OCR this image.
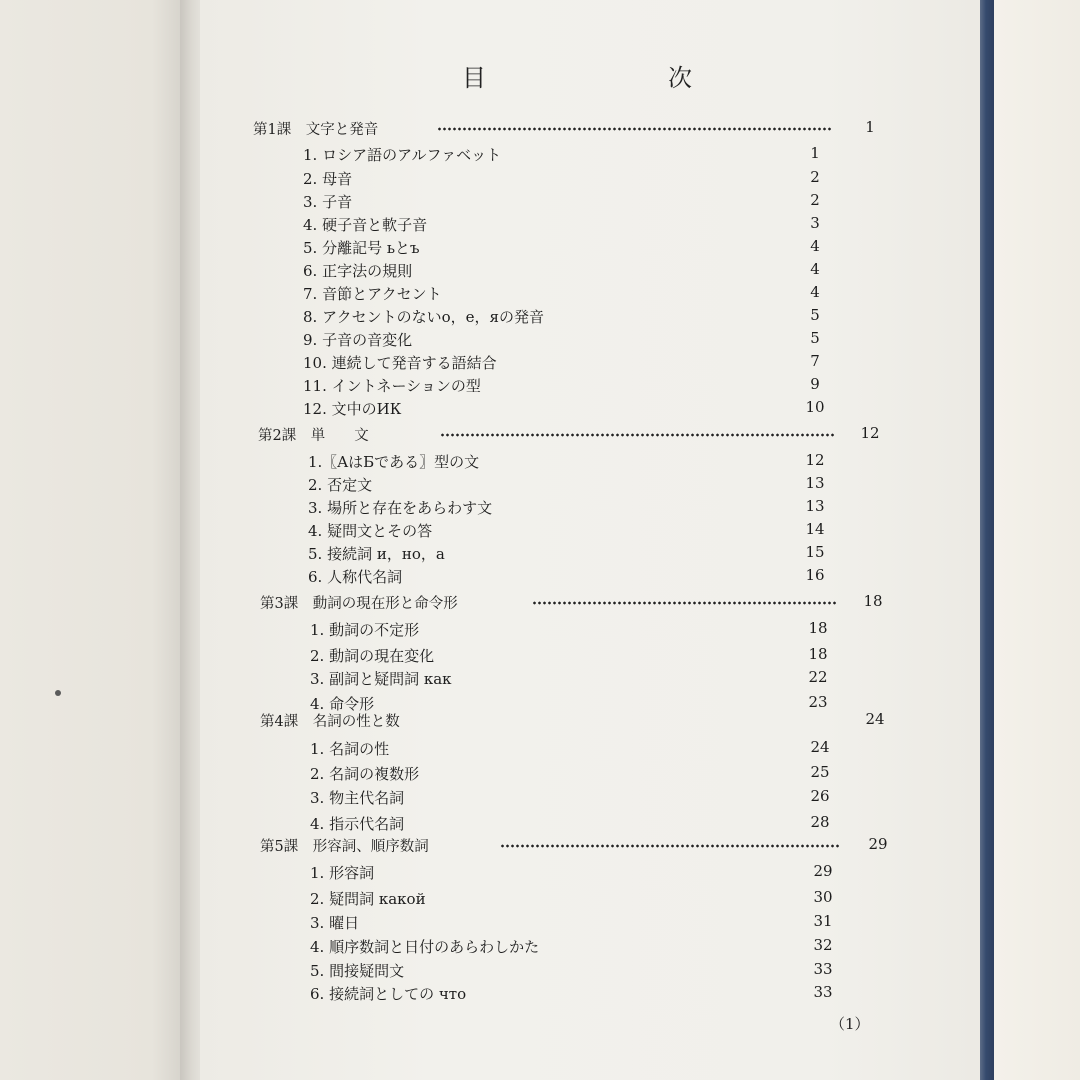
目	次
第1課　文字と発音	1
1. ロシア語のアルファベット	1
2. 母音	2
3. 子音	2
4. 硬子音と軟子音	3
5. 分離記号 ьとъ	4
6. 正字法の規則	4
7. 音節とアクセント	4
8. アクセントのないо，е，яの発音	5
9. 子音の音変化	5
10. 連続して発音する語結合	7
11. イントネーションの型	9
12. 文中のИК	10
第2課　単　　文	12
1.〖AはБである〗型の文	12
2. 否定文	13
3. 場所と存在をあらわす文	13
4. 疑問文とその答	14
5. 接続詞 и，но，а	15
6. 人称代名詞	16
第3課　動詞の現在形と命令形	18
1. 動詞の不定形	18
2. 動詞の現在変化	18
3. 副詞と疑問詞 как	22
4. 命令形	23
第4課　名詞の性と数	24
1. 名詞の性	24
2. 名詞の複数形	25
3. 物主代名詞	26
4. 指示代名詞	28
第5課　形容詞、順序数詞	29
1. 形容詞	29
2. 疑問詞 какой	30
3. 曜日	31
4. 順序数詞と日付のあらわしかた	32
5. 間接疑問文	33
6. 接続詞としての что	33
（1）
